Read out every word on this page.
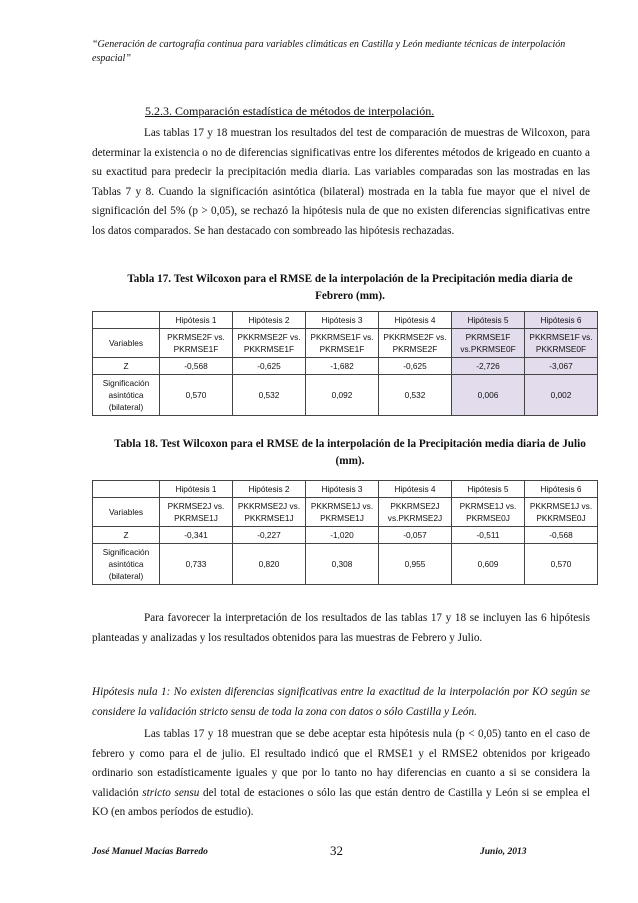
“Generación de cartografía continua para variables climáticas en Castilla y León mediante técnicas de interpolación espacial”
5.2.3. Comparación estadística de métodos de interpolación.
Las tablas 17 y 18 muestran los resultados del test de comparación de muestras de Wilcoxon, para determinar la existencia o no de diferencias significativas entre los diferentes métodos de krigeado en cuanto a su exactitud para predecir la precipitación media diaria. Las variables comparadas son las mostradas en las Tablas 7 y 8. Cuando la significación asintótica (bilateral) mostrada en la tabla fue mayor que el nivel de significación del 5% (p > 0,05), se rechazó la hipótesis nula de que no existen diferencias significativas entre los datos comparados. Se han destacado con sombreado las hipótesis rechazadas.
Tabla 17. Test Wilcoxon para el RMSE de la interpolación de la Precipitación media diaria de Febrero (mm).
	Hipótesis 1	Hipótesis 2	Hipótesis 3	Hipótesis 4	Hipótesis 5	Hipótesis 6
Variables	PKRMSE2F vs. PKRMSE1F	PKKRMSE2F vs. PKKRMSE1F	PKKRMSE1F vs. PKRMSE1F	PKKRMSE2F vs. PKRMSE2F	PKRMSE1F vs.PKRMSE0F	PKKRMSE1F vs. PKKRMSE0F
Z	-0,568	-0,625	-1,682	-0,625	-2,726	-3,067
Significación asintótica (bilateral)	0,570	0,532	0,092	0,532	0,006	0,002
Tabla 18. Test Wilcoxon para el RMSE de la interpolación de la Precipitación media diaria de Julio (mm).
	Hipótesis 1	Hipótesis 2	Hipótesis 3	Hipótesis 4	Hipótesis 5	Hipótesis 6
Variables	PKRMSE2J vs. PKRMSE1J	PKKRMSE2J vs. PKKRMSE1J	PKKRMSE1J vs. PKRMSE1J	PKKRMSE2J vs.PKRMSE2J	PKRMSE1J vs. PKRMSE0J	PKKRMSE1J vs. PKKRMSE0J
Z	-0,341	-0,227	-1,020	-0,057	-0,511	-0,568
Significación asintótica (bilateral)	0,733	0,820	0,308	0,955	0,609	0,570
Para favorecer la interpretación de los resultados de las tablas 17 y 18 se incluyen las 6 hipótesis planteadas y analizadas y los resultados obtenidos para las muestras de Febrero y Julio.
Hipótesis nula 1: No existen diferencias significativas entre la exactitud de la interpolación por KO según se considere la validación stricto sensu de toda la zona con datos o sólo Castilla y León.
Las tablas 17 y 18 muestran que se debe aceptar esta hipótesis nula (p < 0,05) tanto en el caso de febrero y como para el de julio. El resultado indicó que el RMSE1 y el RMSE2 obtenidos por krigeado ordinario son estadísticamente iguales y que por lo tanto no hay diferencias en cuanto a si se considera la validación stricto sensu del total de estaciones o sólo las que están dentro de Castilla y León si se emplea el KO (en ambos períodos de estudio).
José Manuel Macías Barredo	32	Junio, 2013
